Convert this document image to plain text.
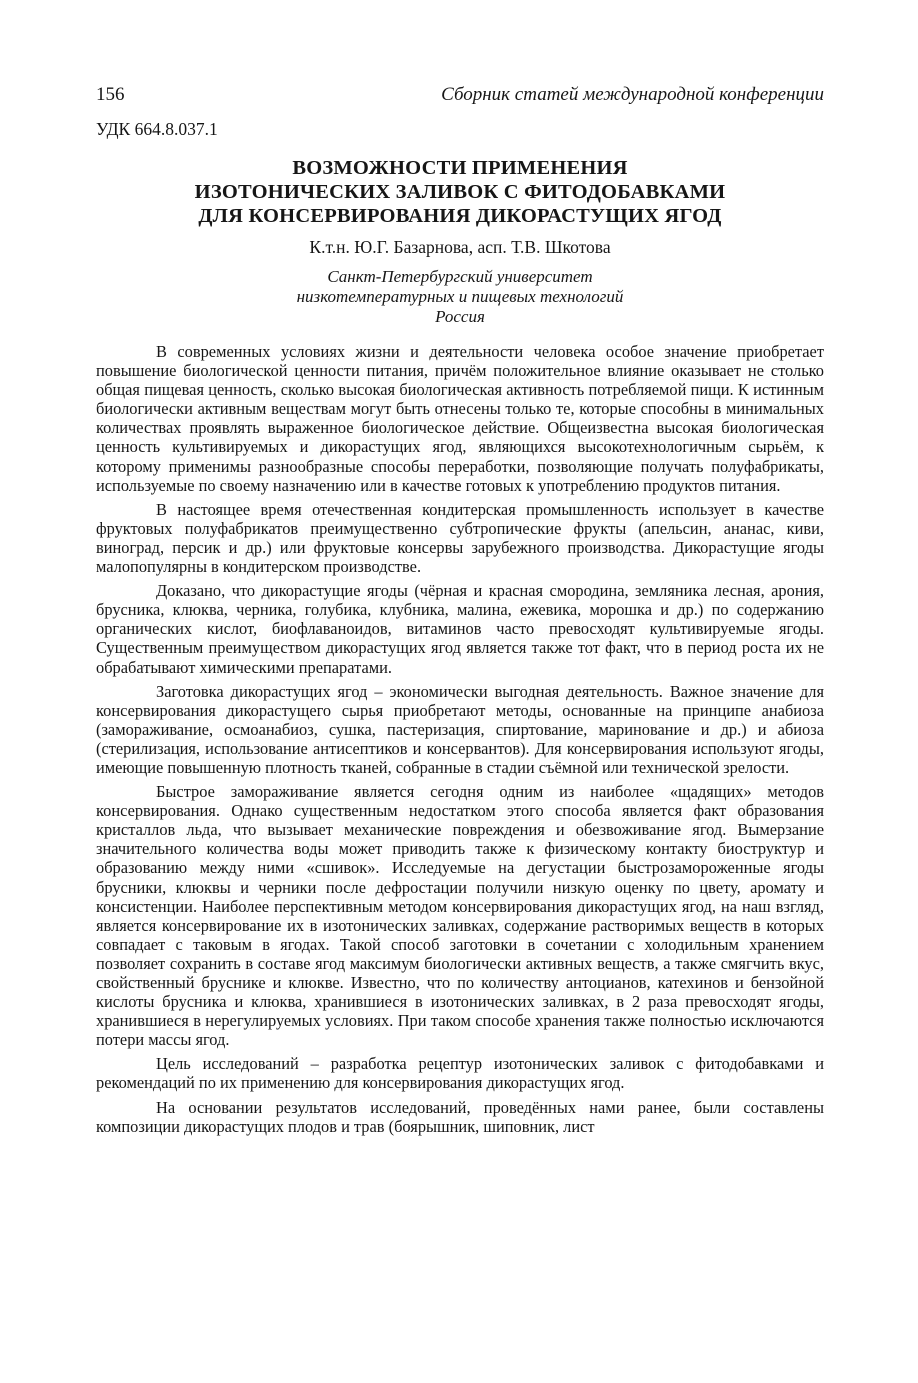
156	Сборник статей международной конференции
УДК 664.8.037.1
ВОЗМОЖНОСТИ ПРИМЕНЕНИЯ
ИЗОТОНИЧЕСКИХ ЗАЛИВОК С ФИТОДОБАВКАМИ
ДЛЯ КОНСЕРВИРОВАНИЯ ДИКОРАСТУЩИХ ЯГОД
К.т.н. Ю.Г. Базарнова, асп. Т.В. Шкотова
Санкт-Петербургский университет
низкотемпературных и пищевых технологий
Россия

В современных условиях жизни и деятельности человека особое значение приобретает повышение биологической ценности питания, причём положительное влияние оказывает не столько общая пищевая ценность, сколько высокая биологическая активность потребляемой пищи. К истинным биологически активным веществам могут быть отнесены только те, которые способны в минимальных количествах проявлять выраженное биологическое действие. Общеизвестна высокая биологическая ценность культивируемых и дикорастущих ягод, являющихся высокотехнологичным сырьём, к которому применимы разнообразные способы переработки, позволяющие получать полуфабрикаты, используемые по своему назначению или в качестве готовых к употреблению продуктов питания.

В настоящее время отечественная кондитерская промышленность использует в качестве фруктовых полуфабрикатов преимущественно субтропические фрукты (апельсин, ананас, киви, виноград, персик и др.) или фруктовые консервы зарубежного производства. Дикорастущие ягоды малопопулярны в кондитерском производстве.

Доказано, что дикорастущие ягоды (чёрная и красная смородина, земляника лесная, арония, брусника, клюква, черника, голубика, клубника, малина, ежевика, морошка и др.) по содержанию органических кислот, биофлаваноидов, витаминов часто превосходят культивируемые ягоды. Существенным преимуществом дикорастущих ягод является также тот факт, что в период роста их не обрабатывают химическими препаратами.

Заготовка дикорастущих ягод – экономически выгодная деятельность. Важное значение для консервирования дикорастущего сырья приобретают методы, основанные на принципе анабиоза (замораживание, осмоанабиоз, сушка, пастеризация, спиртование, маринование и др.) и абиоза (стерилизация, использование антисептиков и консервантов). Для консервирования используют ягоды, имеющие повышенную плотность тканей, собранные в стадии съёмной или технической зрелости.

Быстрое замораживание является сегодня одним из наиболее «щадящих» методов консервирования. Однако существенным недостатком этого способа является факт образования кристаллов льда, что вызывает механические повреждения и обезвоживание ягод. Вымерзание значительного количества воды может приводить также к физическому контакту биоструктур и образованию между ними «сшивок». Исследуемые на дегустации быстрозамороженные ягоды брусники, клюквы и черники после дефростации получили низкую оценку по цвету, аромату и консистенции. Наиболее перспективным методом консервирования дикорастущих ягод, на наш взгляд, является консервирование их в изотонических заливках, содержание растворимых веществ в которых совпадает с таковым в ягодах. Такой способ заготовки в сочетании с холодильным хранением позволяет сохранить в составе ягод максимум биологически активных веществ, а также смягчить вкус, свойственный бруснике и клюкве. Известно, что по количеству антоцианов, катехинов и бензойной кислоты брусника и клюква, хранившиеся в изотонических заливках, в 2 раза превосходят ягоды, хранившиеся в нерегулируемых условиях. При таком способе хранения также полностью исключаются потери массы ягод.

Цель исследований – разработка рецептур изотонических заливок с фитодобавками и рекомендаций по их применению для консервирования дикорастущих ягод.

На основании результатов исследований, проведённых нами ранее, были составлены композиции дикорастущих плодов и трав (боярышник, шиповник, лист
